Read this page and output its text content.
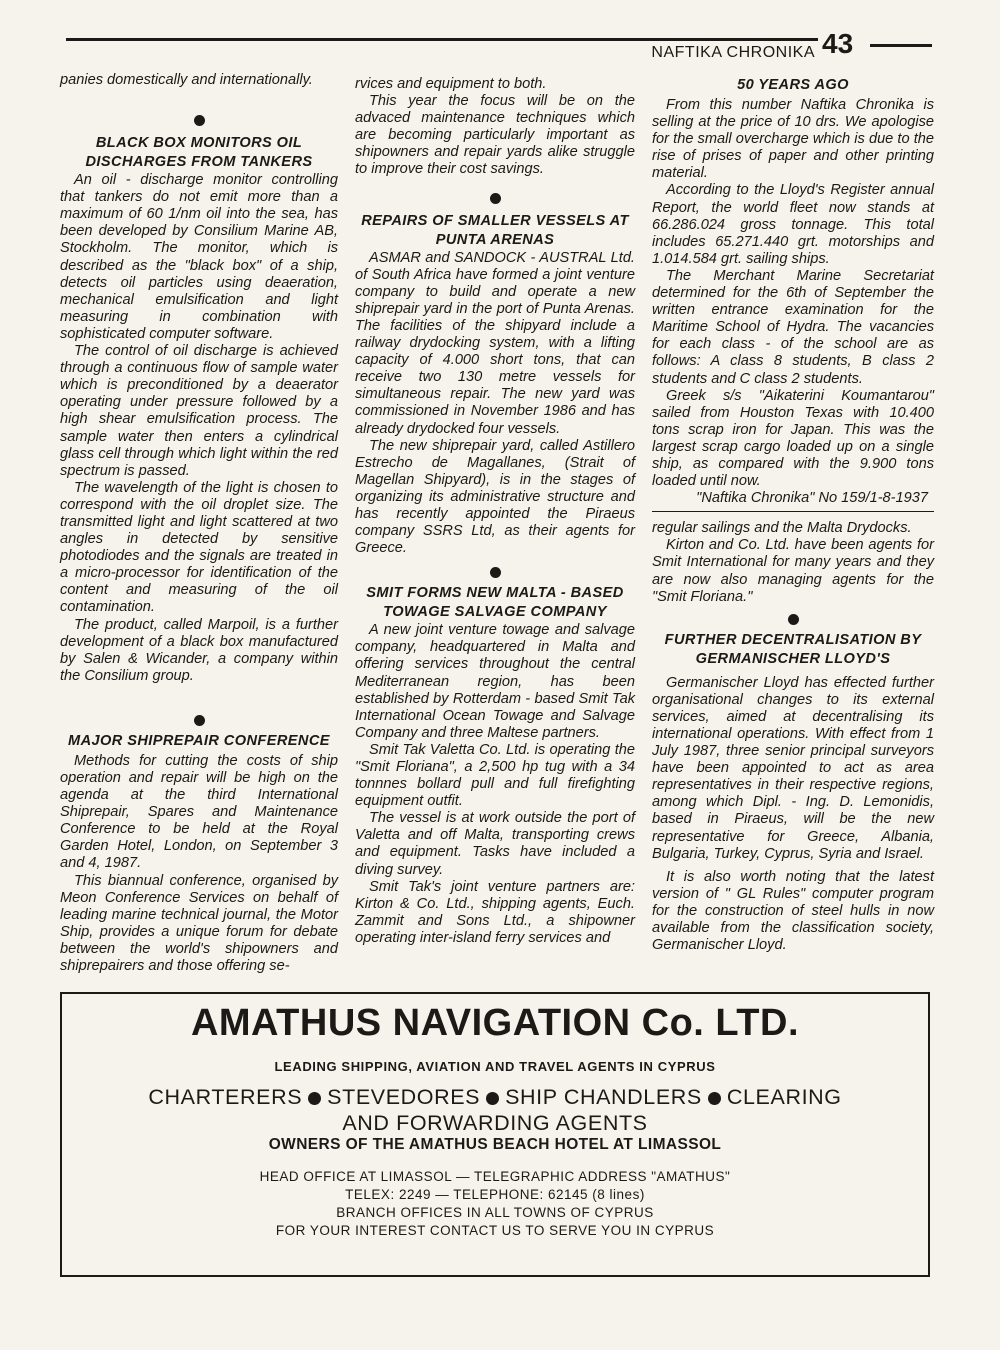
NAFTIKA CHRONIKA 43

panies domestically and internationally.

BLACK BOX MONITORS OIL DISCHARGES FROM TANKERS

An oil - discharge monitor controlling that tankers do not emit more than a maximum of 60 1/nm oil into the sea, has been developed by Consilium Marine AB, Stockholm. The monitor, which is described as the "black box" of a ship, detects oil particles using deaeration, mechanical emulsification and light measuring in combination with sophisticated computer software.

The control of oil discharge is achieved through a continuous flow of sample water which is preconditioned by a deaerator operating under pressure followed by a high shear emulsification process. The sample water then enters a cylindrical glass cell through which light within the red spectrum is passed.

The wavelength of the light is chosen to correspond with the oil droplet size. The transmitted light and light scattered at two angles in detected by sensitive photodiodes and the signals are treated in a micro-processor for identification of the content and measuring of the oil contamination.

The product, called Marpoil, is a further development of a black box manufactured by Salen & Wicander, a company within the Consilium group.

MAJOR SHIPREPAIR CONFERENCE

Methods for cutting the costs of ship operation and repair will be high on the agenda at the third International Shiprepair, Spares and Maintenance Conference to be held at the Royal Garden Hotel, London, on September 3 and 4, 1987.

This biannual conference, organised by Meon Conference Services on behalf of leading marine technical journal, the Motor Ship, provides a unique forum for debate between the world's shipowners and shiprepairers and those offering se-

rvices and equipment to both.

This year the focus will be on the advaced maintenance techniques which are becoming particularly important as shipowners and repair yards alike struggle to improve their cost savings.

REPAIRS OF SMALLER VESSELS AT PUNTA ARENAS

ASMAR and SANDOCK - AUSTRAL Ltd. of South Africa have formed a joint venture company to build and operate a new shiprepair yard in the port of Punta Arenas. The facilities of the shipyard include a railway drydocking system, with a lifting capacity of 4.000 short tons, that can receive two 130 metre vessels for simultaneous repair. The new yard was commissioned in November 1986 and has already drydocked four vessels.

The new shiprepair yard, called Astillero Estrecho de Magallanes, (Strait of Magellan Shipyard), is in the stages of organizing its administrative structure and has recently appointed the Piraeus company SSRS Ltd, as their agents for Greece.

SMIT FORMS NEW MALTA - BASED TOWAGE SALVAGE COMPANY

A new joint venture towage and salvage company, headquartered in Malta and offering services throughout the central Mediterranean region, has been established by Rotterdam - based Smit Tak International Ocean Towage and Salvage Company and three Maltese partners.

Smit Tak Valetta Co. Ltd. is operating the "Smit Floriana", a 2,500 hp tug with a 34 tonnnes bollard pull and full firefighting equipment outfit.

The vessel is at work outside the port of Valetta and off Malta, transporting crews and equipment. Tasks have included a diving survey.

Smit Tak's joint venture partners are: Kirton & Co. Ltd., shipping agents, Euch. Zammit and Sons Ltd., a shipowner operating inter-island ferry services and

50 YEARS AGO

From this number Naftika Chronika is selling at the price of 10 drs. We apologise for the small overcharge which is due to the rise of prises of paper and other printing material.

According to the Lloyd's Register annual Report, the world fleet now stands at 66.286.024 gross tonnage. This total includes 65.271.440 grt. motorships and 1.014.584 grt. sailing ships.

The Merchant Marine Secretariat determined for the 6th of September the written entrance examination for the Maritime School of Hydra. The vacancies for each class - of the school are as follows: A class 8 students, B class 2 students and C class 2 students.

Greek s/s "Aikaterini Koumantarou" sailed from Houston Texas with 10.400 tons scrap iron for Japan. This was the largest scrap cargo loaded up on a single ship, as compared with the 9.900 tons loaded until now.

"Naftika Chronika" No 159/1-8-1937

regular sailings and the Malta Drydocks.

Kirton and Co. Ltd. have been agents for Smit International for many years and they are now also managing agents for the "Smit Floriana."

FURTHER DECENTRALISATION BY GERMANISCHER LLOYD'S

Germanischer Lloyd has effected further organisational changes to its external services, aimed at decentralising its international operations. With effect from 1 July 1987, three senior principal surveyors have been appointed to act as area representatives in their respective regions, among which Dipl. - Ing. D. Lemonidis, based in Piraeus, will be the new representative for Greece, Albania, Bulgaria, Turkey, Cyprus, Syria and Israel.

It is also worth noting that the latest version of " GL Rules" computer program for the construction of steel hulls in now available from the classification society, Germanischer Lloyd.

AMATHUS NAVIGATION Co. LTD.
LEADING SHIPPING, AVIATION AND TRAVEL AGENTS IN CYPRUS
CHARTERERS STEVEDORES SHIP CHANDLERS CLEARING
AND FORWARDING AGENTS
OWNERS OF THE AMATHUS BEACH HOTEL AT LIMASSOL
HEAD OFFICE AT LIMASSOL — TELEGRAPHIC ADDRESS "AMATHUS"
TELEX: 2249 — TELEPHONE: 62145 (8 lines)
BRANCH OFFICES IN ALL TOWNS OF CYPRUS
FOR YOUR INTEREST CONTACT US TO SERVE YOU IN CYPRUS
